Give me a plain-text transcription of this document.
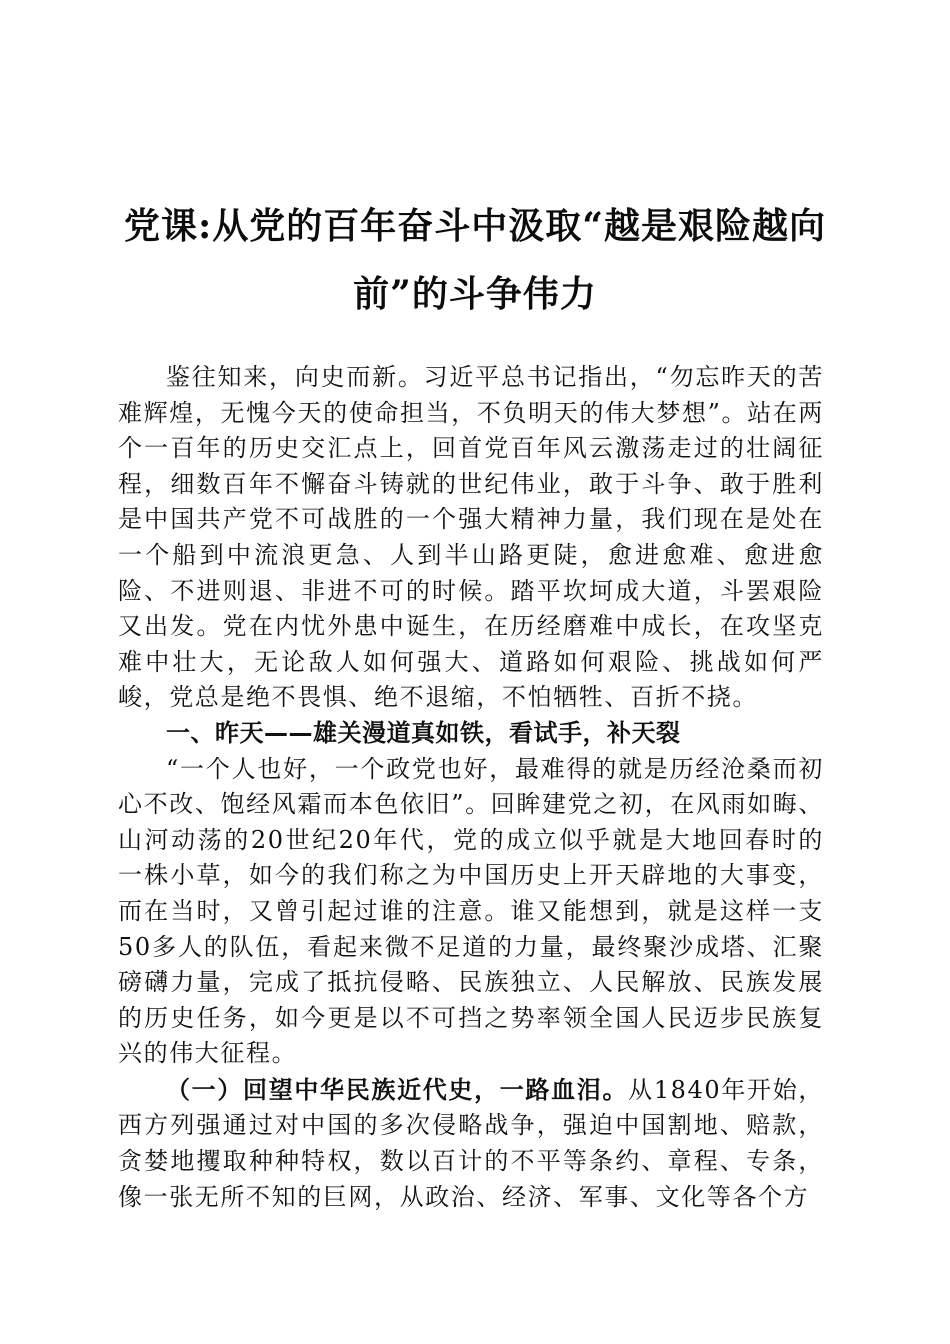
党课:从党的百年奋斗中汲取“越是艰险越向
前”的斗争伟力

鉴往知来，向史而新。习近平总书记指出，“勿忘昨天的苦难辉煌，无愧今天的使命担当，不负明天的伟大梦想”。站在两个一百年的历史交汇点上，回首党百年风云激荡走过的壮阔征程，细数百年不懈奋斗铸就的世纪伟业，敢于斗争、敢于胜利是中国共产党不可战胜的一个强大精神力量，我们现在是处在一个船到中流浪更急、人到半山路更陡，愈进愈难、愈进愈险、不进则退、非进不可的时候。踏平坎坷成大道，斗罢艰险又出发。党在内忧外患中诞生，在历经磨难中成长，在攻坚克难中壮大，无论敌人如何强大、道路如何艰险、挑战如何严峻，党总是绝不畏惧、绝不退缩，不怕牺牲、百折不挠。

一、昨天——雄关漫道真如铁，看试手，补天裂

“一个人也好，一个政党也好，最难得的就是历经沧桑而初心不改、饱经风霜而本色依旧”。回眸建党之初，在风雨如晦、山河动荡的20世纪20年代，党的成立似乎就是大地回春时的一株小草，如今的我们称之为中国历史上开天辟地的大事变，而在当时，又曾引起过谁的注意。谁又能想到，就是这样一支50多人的队伍，看起来微不足道的力量，最终聚沙成塔、汇聚磅礴力量，完成了抵抗侵略、民族独立、人民解放、民族发展的历史任务，如今更是以不可挡之势率领全国人民迈步民族复兴的伟大征程。

（一）回望中华民族近代史，一路血泪。从1840年开始，西方列强通过对中国的多次侵略战争，强迫中国割地、赔款，贪婪地攫取种种特权，数以百计的不平等条约、章程、专条，像一张无所不知的巨网，从政治、经济、军事、文化等各个方
